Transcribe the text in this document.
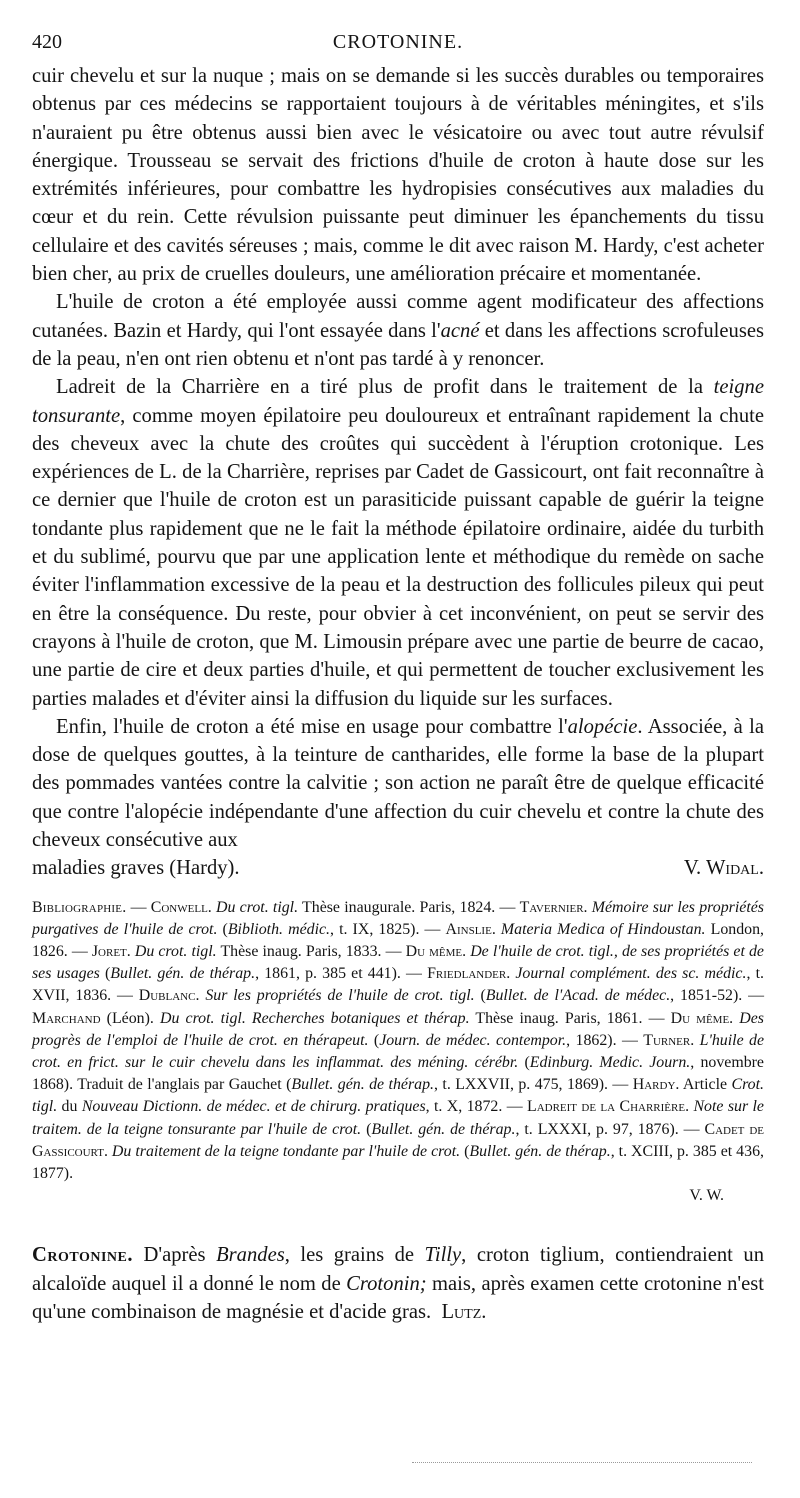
420	CROTONINE.

cuir chevelu et sur la nuque ; mais on se demande si les succès durables ou temporaires obtenus par ces médecins se rapportaient toujours à de véritables méningites, et s'ils n'auraient pu être obtenus aussi bien avec le vésicatoire ou avec tout autre révulsif énergique. Trousseau se servait des frictions d'huile de croton à haute dose sur les extrémités inférieures, pour combattre les hydropisies consécutives aux maladies du cœur et du rein. Cette révulsion puissante peut diminuer les épanchements du tissu cellulaire et des cavités séreuses ; mais, comme le dit avec raison M. Hardy, c'est acheter bien cher, au prix de cruelles douleurs, une amélioration précaire et momentanée.

L'huile de croton a été employée aussi comme agent modificateur des affections cutanées. Bazin et Hardy, qui l'ont essayée dans l'acné et dans les affections scrofuleuses de la peau, n'en ont rien obtenu et n'ont pas tardé à y renoncer.

Ladreit de la Charrière en a tiré plus de profit dans le traitement de la teigne tonsurante, comme moyen épilatoire peu douloureux et entraînant rapidement la chute des cheveux avec la chute des croûtes qui succèdent à l'éruption crotonique. Les expériences de L. de la Charrière, reprises par Cadet de Gassicourt, ont fait reconnaître à ce dernier que l'huile de croton est un parasiticide puissant capable de guérir la teigne tondante plus rapidement que ne le fait la méthode épilatoire ordinaire, aidée du turbith et du sublimé, pourvu que par une application lente et méthodique du remède on sache éviter l'inflammation excessive de la peau et la destruction des follicules pileux qui peut en être la conséquence. Du reste, pour obvier à cet inconvénient, on peut se servir des crayons à l'huile de croton, que M. Limousin prépare avec une partie de beurre de cacao, une partie de cire et deux parties d'huile, et qui permettent de toucher exclusivement les parties malades et d'éviter ainsi la diffusion du liquide sur les surfaces.

Enfin, l'huile de croton a été mise en usage pour combattre l'alopécie. Associée, à la dose de quelques gouttes, à la teinture de cantharides, elle forme la base de la plupart des pommades vantées contre la calvitie ; son action ne paraît être de quelque efficacité que contre l'alopécie indépendante d'une affection du cuir chevelu et contre la chute des cheveux consécutive aux

maladies graves (Hardy).	V. Widal.
Bibliographie. — Conwell. Du crot. tigl. Thèse inaugurale. Paris, 1824. — Tavernier. Mémoire sur les propriétés purgatives de l'huile de crot. (Biblioth. médic., t. IX, 1825). — Ainslie. Materia Medica of Hindoustan. London, 1826. — Joret. Du crot. tigl. Thèse inaug. Paris, 1833. — Du même. De l'huile de crot. tigl., de ses propriétés et de ses usages (Bullet. gén. de thérap., 1861, p. 385 et 441). — Friedlander. Journal complément. des sc. médic., t. XVII, 1836. — Dublanc. Sur les propriétés de l'huile de crot. tigl. (Bullet. de l'Acad. de médec., 1851-52). — Marchand (Léon). Du crot. tigl. Recherches botaniques et thérap. Thèse inaug. Paris, 1861. — Du même. Des progrès de l'emploi de l'huile de crot. en thérapeut. (Journ. de médec. contempor., 1862). — Turner. L'huile de crot. en frict. sur le cuir chevelu dans les inflammat. des méning. cérébr. (Edinburg. Medic. Journ., novembre 1868). Traduit de l'anglais par Gauchet (Bullet. gén. de thérap., t. LXXVII, p. 475, 1869). — Hardy. Article Crot. tigl. du Nouveau Dictionn. de médec. et de chirurg. pratiques, t. X, 1872. — Ladreit de la Charrière. Note sur le traitem. de la teigne tonsurante par l'huile de crot. (Bullet. gén. de thérap., t. LXXXI, p. 97, 1876). — Cadet de Gassicourt. Du traitement de la teigne tondante par l'huile de crot. (Bullet. gén. de thérap., t. XCIII, p. 385 et 436, 1877).
V. W.
Crotonine. D'après Brandes, les grains de Tilly, croton tiglium, contiendraient un alcaloïde auquel il a donné le nom de Crotonin; mais, après examen cette crotonine n'est qu'une combinaison de magnésie et d'acide gras. Lutz.
